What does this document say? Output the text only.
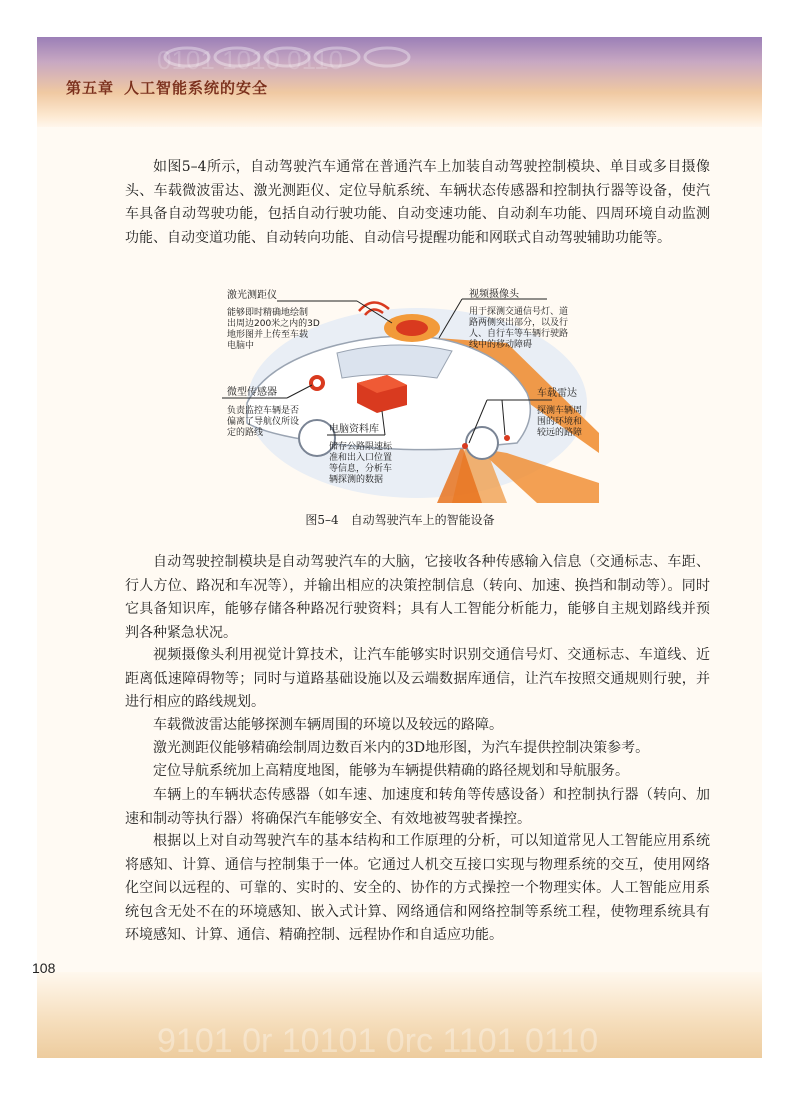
0101 1010 0110
第五章 人工智能系统的安全
9101 0r 10101 0rc 1101 0110
108

如图5–4所示，自动驾驶汽车通常在普通汽车上加装自动驾驶控制模块、单目或多目摄像头、车载微波雷达、激光测距仪、定位导航系统、车辆状态传感器和控制执行器等设备，使汽车具备自动驾驶功能，包括自动行驶功能、自动变速功能、自动刹车功能、四周环境自动监测功能、自动变道功能、自动转向功能、自动信号提醒功能和网联式自动驾驶辅助功能等。

激光测距仪
能够即时精确地绘制
出周边200米之内的3D
地形图并上传至车载
电脑中
视频摄像头
用于探测交通信号灯、道
路两侧突出部分，以及行
人、自行车等车辆行驶路
线中的移动障碍
微型传感器
负责监控车辆是否
偏离了导航仪所设
定的路线
车载雷达
探测车辆周
围的环境和
较远的路障
电脑资料库
储存公路限速标
准和出入口位置
等信息，分析车
辆探测的数据
图5–4　自动驾驶汽车上的智能设备

自动驾驶控制模块是自动驾驶汽车的大脑，它接收各种传感输入信息（交通标志、车距、行人方位、路况和车况等），并输出相应的决策控制信息（转向、加速、换挡和制动等）。同时它具备知识库，能够存储各种路况行驶资料；具有人工智能分析能力，能够自主规划路线并预判各种紧急状况。

视频摄像头利用视觉计算技术，让汽车能够实时识别交通信号灯、交通标志、车道线、近距离低速障碍物等；同时与道路基础设施以及云端数据库通信，让汽车按照交通规则行驶，并进行相应的路线规划。

车载微波雷达能够探测车辆周围的环境以及较远的路障。

激光测距仪能够精确绘制周边数百米内的3D地形图，为汽车提供控制决策参考。

定位导航系统加上高精度地图，能够为车辆提供精确的路径规划和导航服务。

车辆上的车辆状态传感器（如车速、加速度和转角等传感设备）和控制执行器（转向、加速和制动等执行器）将确保汽车能够安全、有效地被驾驶者操控。

根据以上对自动驾驶汽车的基本结构和工作原理的分析，可以知道常见人工智能应用系统将感知、计算、通信与控制集于一体。它通过人机交互接口实现与物理系统的交互，使用网络化空间以远程的、可靠的、实时的、安全的、协作的方式操控一个物理实体。人工智能应用系统包含无处不在的环境感知、嵌入式计算、网络通信和网络控制等系统工程，使物理系统具有环境感知、计算、通信、精确控制、远程协作和自适应功能。
